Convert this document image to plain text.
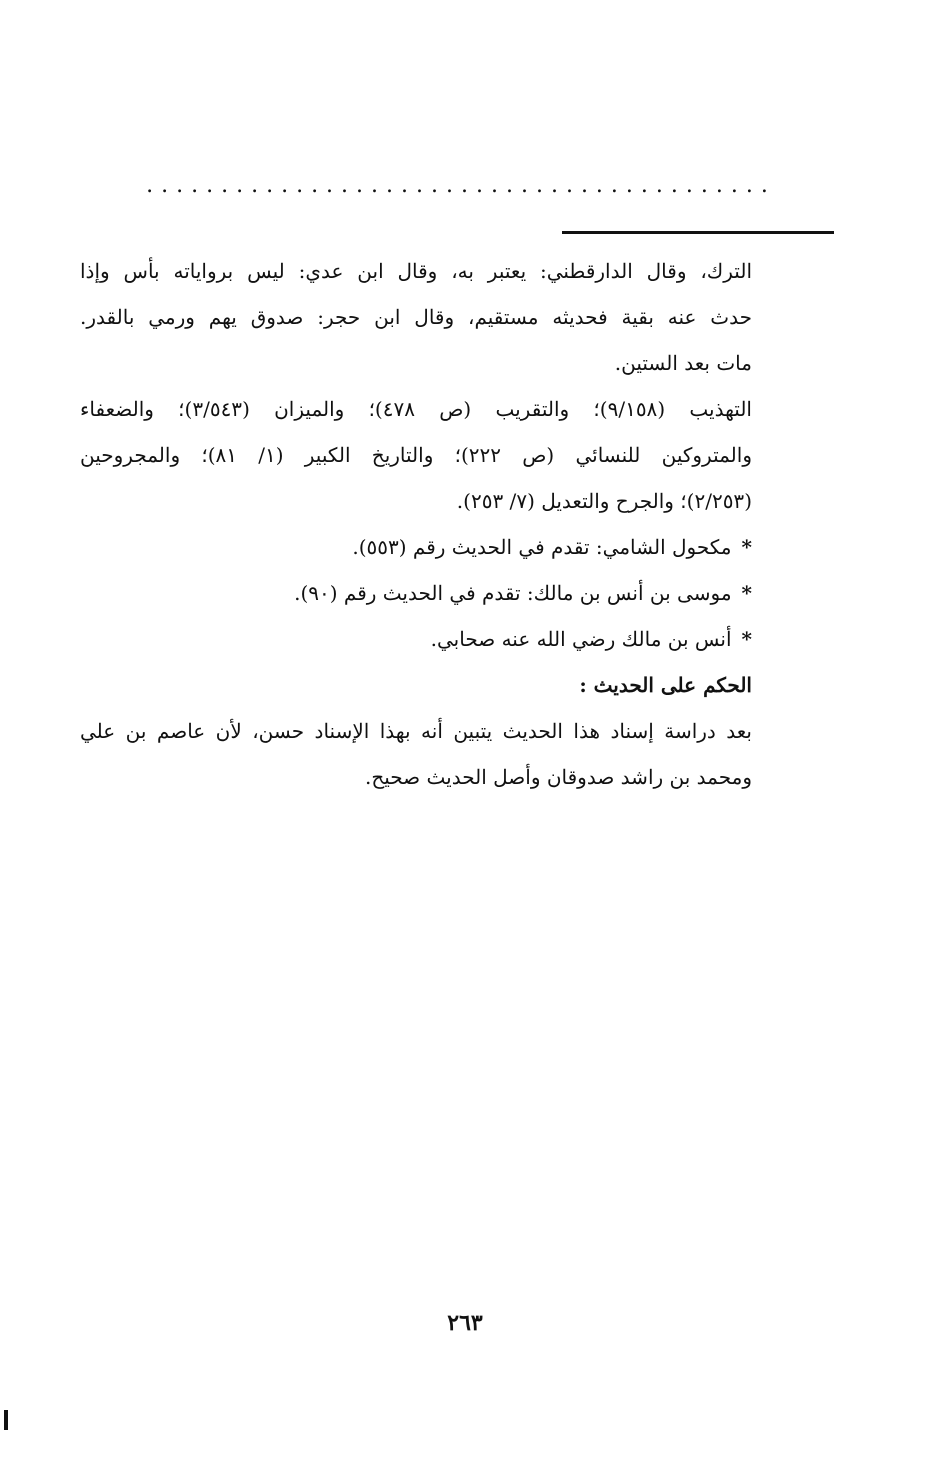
..........................................
الترك، وقال الدارقطني: يعتبر به، وقال ابن عدي: ليس برواياته بأس وإذا
حدث عنه بقية فحديثه مستقيم، وقال ابن حجر: صدوق يهم ورمي بالقدر.
مات بعد الستين.
التهذيب (٩/١٥٨)؛ والتقريب (ص ٤٧٨)؛ والميزان (٣/٥٤٣)؛ والضعفاء
والمتروكين للنسائي (ص ٢٢٢)؛ والتاريخ الكبير (١/ ٨١)؛ والمجروحين
(٢/٢٥٣)؛ والجرح والتعديل (٧/ ٢٥٣).
*مكحول الشامي: تقدم في الحديث رقم (٥٥٣).
*موسى بن أنس بن مالك: تقدم في الحديث رقم (٩٠).
*أنس بن مالك رضي الله عنه صحابي.
الحكم على الحديث :
بعد دراسة إسناد هذا الحديث يتبين أنه بهذا الإسناد حسن، لأن عاصم بن علي
ومحمد بن راشد صدوقان وأصل الحديث صحيح.
٢٦٣
